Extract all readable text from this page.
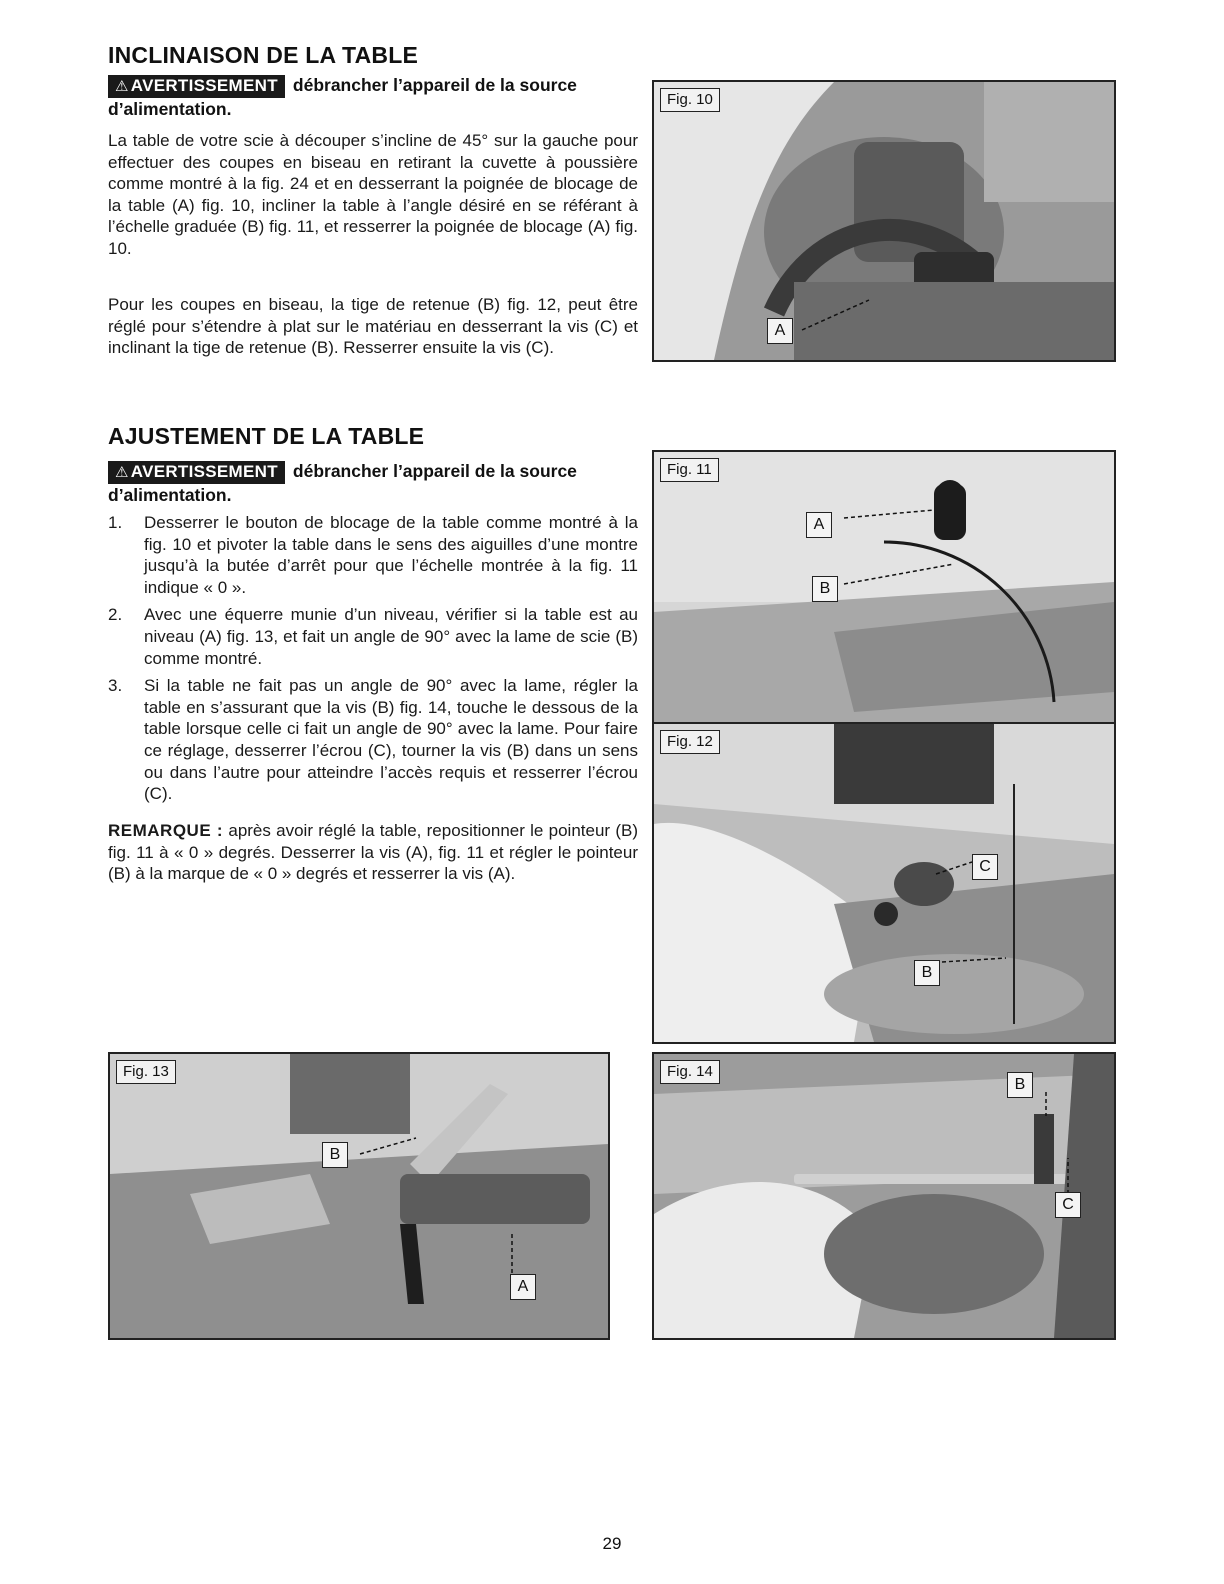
INCLINAISON DE LA TABLE
⚠ AVERTISSEMENT débrancher l’appareil de la source d’alimentation.

La table de votre scie à découper s’incline de 45° sur la gauche pour effectuer des coupes en biseau en retirant la cuvette à poussière comme montré à la fig. 24 et en desserrant la poignée de blocage de la table (A) fig. 10, incliner la table à l’angle désiré en se référant à l’échelle graduée (B) fig. 11, et resserrer la poignée de blocage (A) fig. 10.

Pour les coupes en biseau, la tige de retenue (B) fig. 12, peut être réglé pour s’étendre à plat sur le matériau en desserrant la vis (C) et inclinant la tige de retenue (B). Resserrer ensuite la vis (C).

AJUSTEMENT DE LA TABLE
⚠ AVERTISSEMENT débrancher l’appareil de la source d’alimentation.
1. Desserrer le bouton de blocage de la table comme montré à la fig. 10 et pivoter la table dans le sens des aiguilles d’une montre jusqu’à la butée d’arrêt pour que l’échelle montrée à la fig. 11 indique « 0 ».
2. Avec une équerre munie d’un niveau, vérifier si la table est au niveau (A) fig. 13, et fait un angle de 90° avec la lame de scie (B) comme montré.
3. Si la table ne fait pas un angle de 90° avec la lame, régler la table en s’assurant que la vis (B) fig. 14, touche le dessous de la table lorsque celle ci fait un angle de 90° avec la lame. Pour faire ce réglage, desserrer l’écrou (C), tourner la vis (B) dans un sens ou dans l’autre pour atteindre l’accès requis et resserrer l’écrou (C).

REMARQUE : après avoir réglé la table, repositionner le pointeur (B) fig. 11 à « 0 » degrés. Desserrer la vis (A), fig. 11 et régler le pointeur (B) à la marque de « 0 » degrés et resserrer la vis (A).

Fig. 10
A
Fig. 11
A
B
Fig. 12
C
B
Fig. 13
B
A
Fig. 14
B
C
29
